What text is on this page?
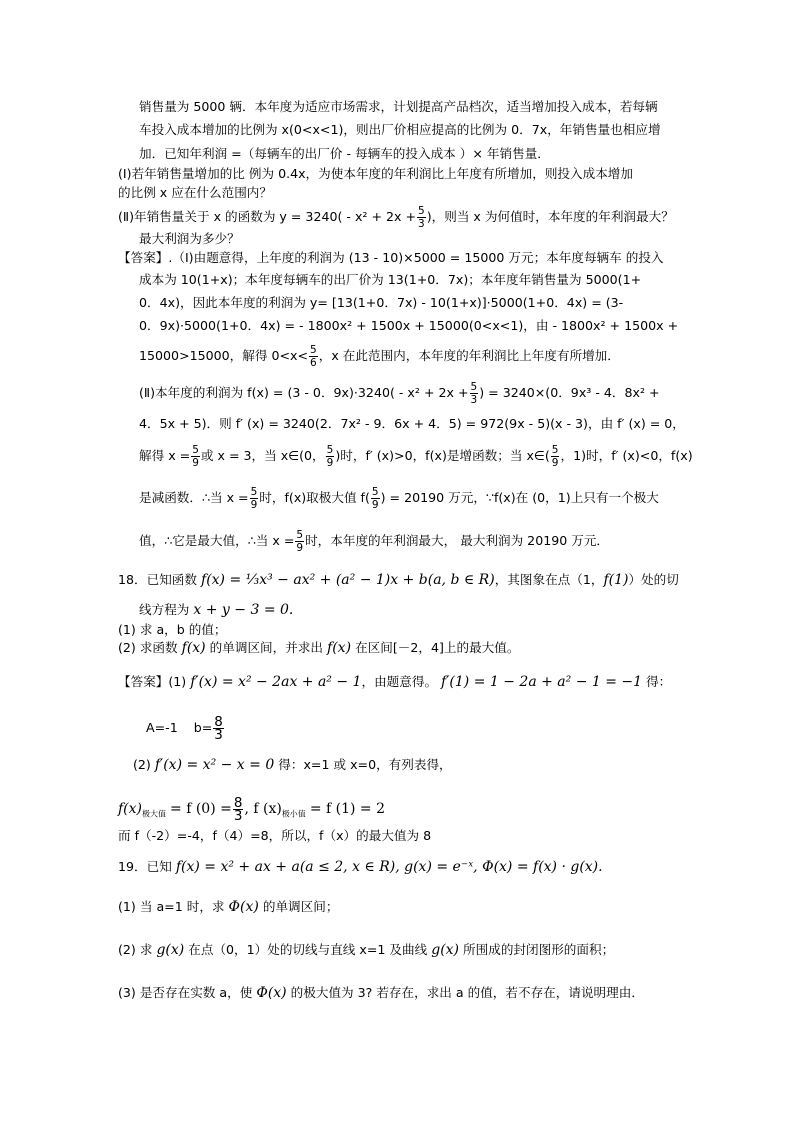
销售量为 5000 辆．本年度为适应市场需求，计划提高产品档次，适当增加投入成本，若每辆
车投入成本增加的比例为 x(0<x<1)，则出厂价相应提高的比例为 0．7x，年销售量也相应增
加．已知年利润 =（每辆车的出厂价 - 每辆车的投入成本 ）× 年销售量．
(Ⅰ)若年销售量增加的比 例为 0.4x，为使本年度的年利润比上年度有所增加，则投入成本增加
的比例 x 应在什么范围内？
(Ⅱ)年销售量关于 x 的函数为 $y = 3240( - x^2 + 2x + \frac{5}{3}$ )，则当 x 为何值时，本年度的年利润最大？
最大利润为多少？
【答案】.（Ⅰ)由题意得，上年度的利润为 (13 - 10)×5000 = 15000 万元；本年度每辆车 的投入
成本为 10(1+x)；本年度每辆车的出厂价为 13(1+0．7x)；本年度年销售量为 5000(1+
0．4x)，因此本年度的利润为 y= [13(1+0．7x) - 10(1+x)]·5000(1+0．4x) = (3-
0．9x)·5000(1+0．4x) = - 1800x² + 1500x + 15000(0<x<1)，由 - 1800x² + 1500x +
15000>15000，解得 $0<x< \frac{5}{6}$ ，x 在此范围内，本年度的年利润比上年度有所增加．
(Ⅱ)本年度的利润为 f(x) = (3 - 0．$9x)\cdot 3240( - x^2 + 2x + \frac{5}{3}$ ) = 3240×(0．9x³ - 4．8x² +
4．5x + 5)．则 f′ (x) = 3240(2．7x² - 9．6x + 4．5) = 972(9x - 5)(x - 3)，由 f′ (x) = 0，
解得 $x = \frac{5}{9}$ 或 x = 3，当 x∈(0， $\frac{5}{9}$ )时，f′ (x)>0，f(x)是增函数；当 x∈( $\frac{5}{9}$ ，1)时，f′ (x)<0，f(x)
是减函数．∴当 $x = \frac{5}{9}$ 时，f(x)取极大值 $f( \frac{5}{9}$ ) = 20190 万元，∵f(x)在 (0，1)上只有一个极大
值，∴它是最大值，∴当 $x = \frac{5}{9}$ 时，本年度的年利润最大， 最大利润为 20190 万元．
18．已知函数 f(x) = ⅓x³ − ax² + (a² − 1)x + b(a, b ∈ R)，其图象在点（1，f(1)）处的切
线方程为 x + y − 3 = 0.
(1) 求 a，b 的值；
(2) 求函数 f(x) 的单调区间，并求出 f(x) 在区间[－2，4]上的最大值。
【答案】(1) f′(x) = x² − 2ax + a² − 1，由题意得。 f′(1) = 1 − 2a + a² − 1 = −1 得：
A=-1 $b= \frac{8}{3}$
(2) f′(x) = x² − x = 0 得：x=1 或 x=0，有列表得，
$f(x)_{极大值} = f$ $(0) = \frac{8}{3}$ , f $(x)_{极小值} = f$ (1) = 2
而 f（-2）=-4，f（4）=8，所以，f（x）的最大值为 8
19．已知 f(x) = x² + ax + a(a ≤ 2, x ∈ R), g(x) = e⁻ˣ, Φ(x) = f(x) · g(x).
(1) 当 a=1 时，求 Φ(x) 的单调区间；
(2) 求 g(x) 在点（0，1）处的切线与直线 x=1 及曲线 g(x) 所围成的封闭图形的面积；
(3) 是否存在实数 a，使 Φ(x) 的极大值为 3? 若存在，求出 a 的值，若不存在，请说明理由．
